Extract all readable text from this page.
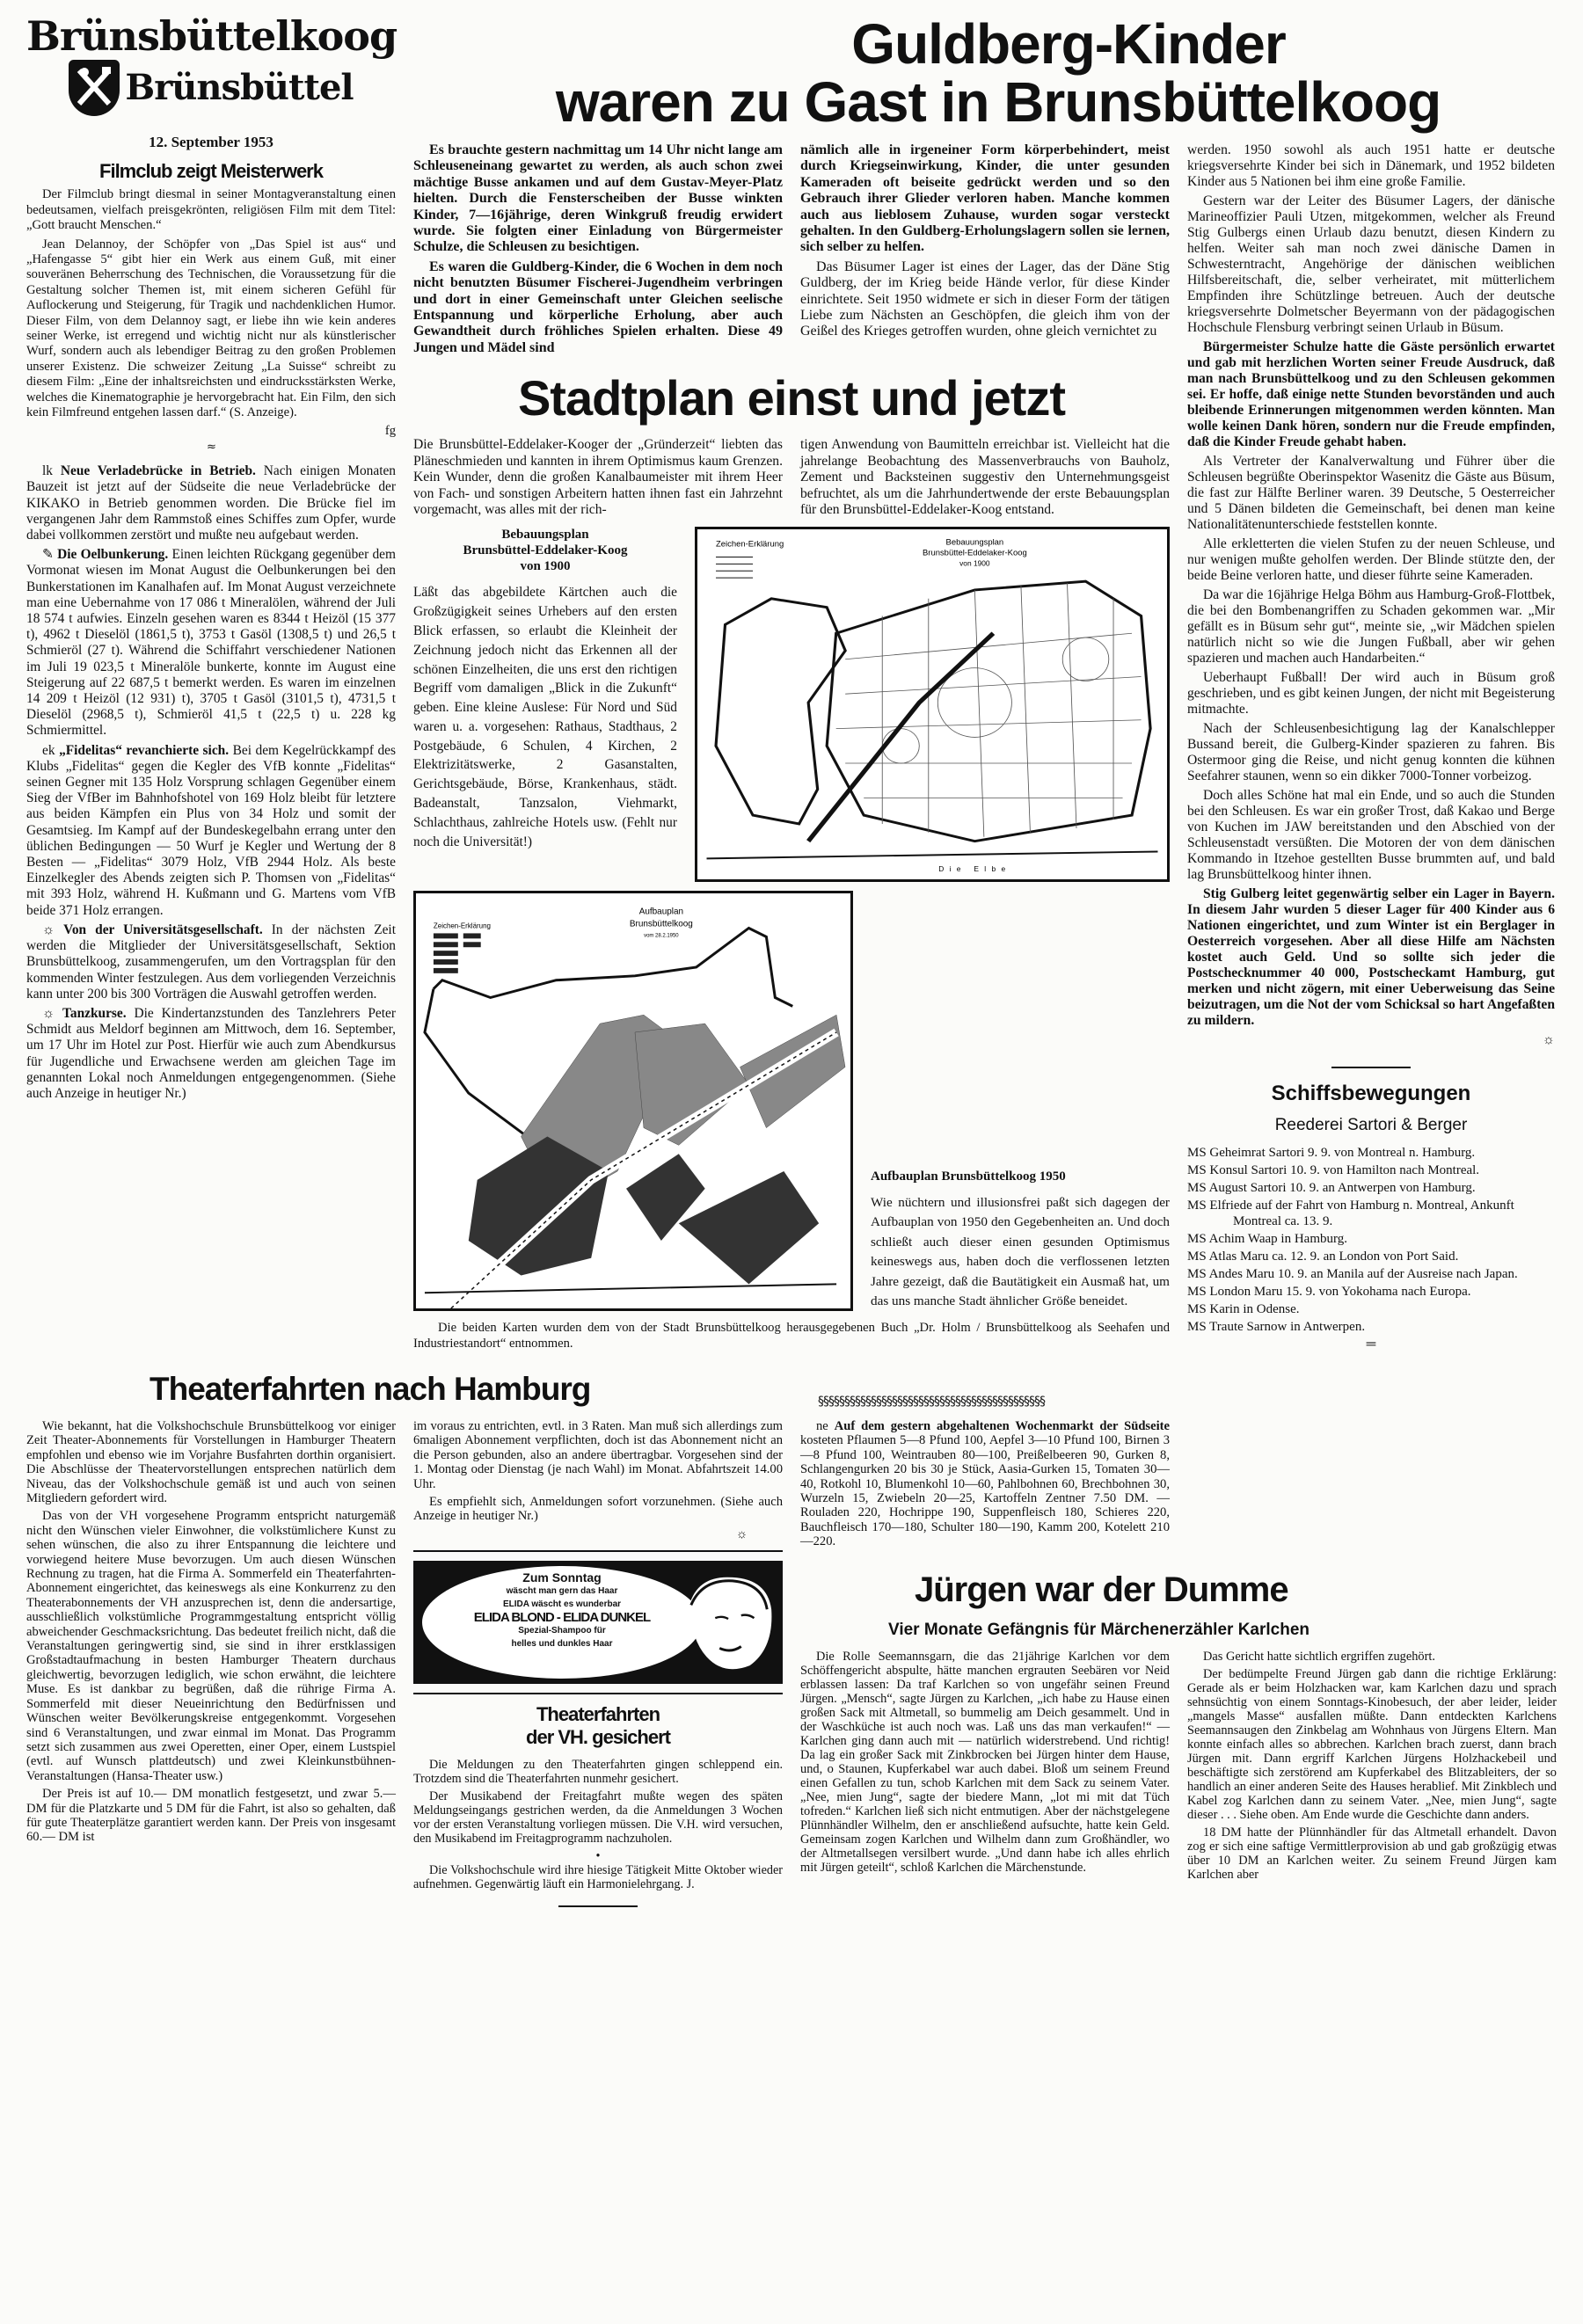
Brünsbüttelkoog
Brünsbüttel
12. September 1953
Filmclub zeigt Meisterwerk

Der Filmclub bringt diesmal in seiner Montagveranstaltung einen bedeutsamen, vielfach preisgekrönten, religiösen Film mit dem Titel: „Gott braucht Menschen.“

Jean Delannoy, der Schöpfer von „Das Spiel ist aus“ und „Hafengasse 5“ gibt hier ein Werk aus einem Guß, mit einer souveränen Beherrschung des Technischen, die Voraussetzung für die Gestaltung solcher Themen ist, mit einem sicheren Gefühl für Auflockerung und Steigerung, für Tragik und nachdenklichen Humor. Dieser Film, von dem Delannoy sagt, er liebe ihn wie kein anderes seiner Werke, ist erregend und wichtig nicht nur als künstlerischer Wurf, sondern auch als lebendiger Beitrag zu den großen Problemen unserer Existenz. Die schweizer Zeitung „La Suisse“ schreibt zu diesem Film: „Eine der inhaltsreichsten und eindrucksstärksten Werke, welches die Kinematographie je hervorgebracht hat. Ein Film, den sich kein Filmfreund entgehen lassen darf.“ (S. Anzeige).

fg
≈

lk Neue Verladebrücke in Betrieb. Nach einigen Monaten Bauzeit ist jetzt auf der Südseite die neue Verladebrücke der KIKAKO in Betrieb genommen worden. Die Brücke fiel im vergangenen Jahr dem Rammstoß eines Schiffes zum Opfer, wurde dabei vollkommen zerstört und mußte neu aufgebaut werden.

✎ Die Oelbunkerung. Einen leichten Rückgang gegenüber dem Vormonat wiesen im Monat August die Oelbunkerungen bei den Bunkerstationen im Kanalhafen auf. Im Monat August verzeichnete man eine Uebernahme von 17 086 t Mineralölen, während der Juli 18 574 t aufwies. Einzeln gesehen waren es 8344 t Heizöl (15 377 t), 4962 t Dieselöl (1861,5 t), 3753 t Gasöl (1308,5 t) und 26,5 t Schmieröl (27 t). Während die Schiffahrt verschiedener Nationen im Juli 19 023,5 t Mineralöle bunkerte, konnte im August eine Steigerung auf 22 687,5 t bemerkt werden. Es waren im einzelnen 14 209 t Heizöl (12 931) t), 3705 t Gasöl (3101,5 t), 4731,5 t Dieselöl (2968,5 t), Schmieröl 41,5 t (22,5 t) u. 228 kg Schmiermittel.

ek „Fidelitas“ revanchierte sich. Bei dem Kegelrückkampf des Klubs „Fidelitas“ gegen die Kegler des VfB konnte „Fidelitas“ seinen Gegner mit 135 Holz Vorsprung schlagen Gegenüber einem Sieg der VfBer im Bahnhofshotel von 169 Holz bleibt für letztere aus beiden Kämpfen ein Plus von 34 Holz und somit der Gesamtsieg. Im Kampf auf der Bundeskegelbahn errang unter den üblichen Bedingungen — 50 Wurf je Kegler und Wertung der 8 Besten — „Fidelitas“ 3079 Holz, VfB 2944 Holz. Als beste Einzelkegler des Abends zeigten sich P. Thomsen von „Fidelitas“ mit 393 Holz, während H. Kußmann und G. Martens vom VfB beide 371 Holz errangen.

☼ Von der Universitätsgesellschaft. In der nächsten Zeit werden die Mitglieder der Universitätsgesellschaft, Sektion Brunsbüttelkoog, zusammengerufen, um den Vortragsplan für den kommenden Winter festzulegen. Aus dem vorliegenden Verzeichnis kann unter 200 bis 300 Vorträgen die Auswahl getroffen werden.

☼ Tanzkurse. Die Kindertanzstunden des Tanzlehrers Peter Schmidt aus Meldorf beginnen am Mittwoch, dem 16. September, um 17 Uhr im Hotel zur Post. Hierfür wie auch zum Abendkursus für Jugendliche und Erwachsene werden am gleichen Tage im genannten Lokal noch Anmeldungen entgegengenommen. (Siehe auch Anzeige in heutiger Nr.)

Guldberg-Kinder
waren zu Gast in Brunsbüttelkoog

Es brauchte gestern nachmittag um 14 Uhr nicht lange am Schleuseneinang gewartet zu werden, als auch schon zwei mächtige Busse ankamen und auf dem Gustav-Meyer-Platz hielten. Durch die Fensterscheiben der Busse winkten Kinder, 7—16jährige, deren Winkgruß freudig erwidert wurde. Sie folgten einer Einladung von Bürgermeister Schulze, die Schleusen zu besichtigen.

Es waren die Guldberg-Kinder, die 6 Wochen in dem noch nicht benutzten Büsumer Fischerei-Jugendheim verbringen und dort in einer Gemeinschaft unter Gleichen seelische Entspannung und körperliche Erholung, aber auch Gewandtheit durch fröhliches Spielen erhalten. Diese 49 Jungen und Mädel sind

nämlich alle in irgeneiner Form körperbehindert, meist durch Kriegseinwirkung, Kinder, die unter gesunden Kameraden oft beiseite gedrückt werden und so den Gebrauch ihrer Glieder verloren haben. Manche kommen auch aus lieblosem Zuhause, wurden sogar versteckt gehalten. In den Guldberg-Erholungslagern sollen sie lernen, sich selber zu helfen.

Das Büsumer Lager ist eines der Lager, das der Däne Stig Guldberg, der im Krieg beide Hände verlor, für diese Kinder einrichtete. Seit 1950 widmete er sich in dieser Form der tätigen Liebe zum Nächsten an Geschöpfen, die gleich ihm von der Geißel des Krieges getroffen wurden, ohne gleich vernichtet zu

Stadtplan einst und jetzt
Die Brunsbüttel-Eddelaker-Kooger der „Gründerzeit“ liebten das Pläneschmieden und kannten in ihrem Optimismus kaum Grenzen. Kein Wunder, denn die großen Kanalbaumeister mit ihrem Heer von Fach- und sonstigen Arbeitern hatten ihnen fast ein Jahrzehnt vorgemacht, was alles mit der rich-
tigen Anwendung von Baumitteln erreichbar ist. Vielleicht hat die jahrelange Beobachtung des Massenverbrauchs von Bauholz, Zement und Backsteinen suggestiv den Unternehmungsgeist befruchtet, als um die Jahrhundertwende der erste Bebauungsplan für den Brunsbüttel-Eddelaker-Koog entstand.
Bebauungsplan
Brunsbüttel-Eddelaker-Koog
von 1900
Läßt das abgebildete Kärtchen auch die Großzügigkeit seines Urhebers auf den ersten Blick erfassen, so erlaubt die Kleinheit der Zeichnung jedoch nicht das Erkennen all der schönen Einzelheiten, die uns erst den richtigen Begriff vom damaligen „Blick in die Zukunft“ geben. Eine kleine Auslese: Für Nord und Süd waren u. a. vorgesehen: Rathaus, Stadthaus, 2 Postgebäude, 6 Schulen, 4 Kirchen, 2 Elektrizitätswerke, 2 Gasanstalten, Gerichtsgebäude, Börse, Krankenhaus, städt. Badeanstalt, Tanzsalon, Viehmarkt, Schlachthaus, zahlreiche Hotels usw. (Fehlt nur noch die Universität!)
Zeichen-Erklärung	Bebauungsplan
Brunsbüttel-Eddelaker-Koog
von 1900
Die Elbe
Zeichen-Erklärung
Aufbauplan
Brunsbüttelkoog
vom 28.2.1950
Aufbauplan Brunsbüttelkoog 1950
Wie nüchtern und illusionsfrei paßt sich dagegen der Aufbauplan von 1950 den Gegebenheiten an. Und doch schließt auch dieser einen gesunden Optimismus keineswegs aus, haben doch die verflossenen letzten Jahre gezeigt, daß die Bautätigkeit ein Ausmaß hat, um das uns manche Stadt ähnlicher Größe beneidet.
Die beiden Karten wurden dem von der Stadt Brunsbüttelkoog herausgegebenen Buch „Dr. Holm / Brunsbüttelkoog als Seehafen und Industriestandort“ entnommen.

werden. 1950 sowohl als auch 1951 hatte er deutsche kriegsversehrte Kinder bei sich in Dänemark, und 1952 bildeten Kinder aus 5 Nationen bei ihm eine große Familie.

Gestern war der Leiter des Büsumer Lagers, der dänische Marineoffizier Pauli Utzen, mitgekommen, welcher als Freund Stig Gulbergs einen Urlaub dazu benutzt, diesen Kindern zu helfen. Weiter sah man noch zwei dänische Damen in Schwesterntracht, Angehörige der dänischen weiblichen Hilfsbereitschaft, die, selber verheiratet, mit mütterlichem Empfinden ihre Schützlinge betreuen. Auch der deutsche kriegsversehrte Dolmetscher Beyermann von der pädagogischen Hochschule Flensburg verbringt seinen Urlaub in Büsum.

Bürgermeister Schulze hatte die Gäste persönlich erwartet und gab mit herzlichen Worten seiner Freude Ausdruck, daß man nach Brunsbüttelkoog und zu den Schleusen gekommen sei. Er hoffe, daß einige nette Stunden bevorständen und auch bleibende Erinnerungen mitgenommen werden könnten. Man wolle keinen Dank hören, sondern nur die Freude empfinden, daß die Kinder Freude gehabt haben.

Als Vertreter der Kanalverwaltung und Führer über die Schleusen begrüßte Oberinspektor Wasenitz die Gäste aus Büsum, die fast zur Hälfte Berliner waren. 39 Deutsche, 5 Oesterreicher und 5 Dänen bildeten die Gemeinschaft, bei denen man keine Nationalitätenunterschiede feststellen konnte.

Alle erkletterten die vielen Stufen zu der neuen Schleuse, und nur wenigen mußte geholfen werden. Der Blinde stützte den, der beide Beine verloren hatte, und dieser führte seine Kameraden.

Da war die 16jährige Helga Böhm aus Hamburg-Groß-Flottbek, die bei den Bombenangriffen zu Schaden gekommen war. „Mir gefällt es in Büsum sehr gut“, meinte sie, „wir Mädchen spielen natürlich nicht so wie die Jungen Fußball, aber wir gehen spazieren und machen auch Handarbeiten.“

Ueberhaupt Fußball! Der wird auch in Büsum groß geschrieben, und es gibt keinen Jungen, der nicht mit Begeisterung mitmachte.

Nach der Schleusenbesichtigung lag der Kanalschlepper Bussand bereit, die Gulberg-Kinder spazieren zu fahren. Bis Ostermoor ging die Reise, und nicht genug konnten die kühnen Seefahrer staunen, wenn so ein dikker 7000-Tonner vorbeizog.

Doch alles Schöne hat mal ein Ende, und so auch die Stunden bei den Schleusen. Es war ein großer Trost, daß Kakao und Berge von Kuchen im JAW bereitstanden und den Abschied von der Schleusenstadt versüßten. Die Motoren der von dem dänischen Kommando in Itzehoe gestellten Busse brummten auf, und bald lag Brunsbüttelkoog hinter ihnen.

Stig Gulberg leitet gegenwärtig selber ein Lager in Bayern. In diesem Jahr wurden 5 dieser Lager für 400 Kinder aus 6 Nationen eingerichtet, und zum Winter ist ein Berglager in Oesterreich vorgesehen. Aber all diese Hilfe am Nächsten kostet auch Geld. Und so sollte sich jeder die Postschecknummer 40 000, Postscheckamt Hamburg, gut merken und nicht zögern, mit einer Ueberweisung das Seine beizutragen, um die Not der vom Schicksal so hart Angefaßten zu mildern.

☼
Schiffsbewegungen
Reederei Sartori & Berger

MS Geheimrat Sartori 9. 9. von Montreal n. Hamburg.

MS Konsul Sartori 10. 9. von Hamilton nach Montreal.

MS August Sartori 10. 9. an Antwerpen von Hamburg.

MS Elfriede auf der Fahrt von Hamburg n. Montreal, Ankunft Montreal ca. 13. 9.

MS Achim Waap in Hamburg.

MS Atlas Maru ca. 12. 9. an London von Port Said.

MS Andes Maru 10. 9. an Manila auf der Ausreise nach Japan.

MS London Maru 15. 9. von Yokohama nach Europa.

MS Karin in Odense.

MS Traute Sarnow in Antwerpen.

═
Theaterfahrten nach Hamburg	§§§§§§§§§§§§§§§§§§§§§§§§§§§§§§§§§§§§§§§§§§§

Wie bekannt, hat die Volkshochschule Brunsbüttelkoog vor einiger Zeit Theater-Abonnements für Vorstellungen in Hamburger Theatern empfohlen und ebenso wie im Vorjahre Busfahrten dorthin organisiert. Die Abschlüsse der Theatervorstellungen entsprechen natürlich dem Niveau, das der Volkshochschule gemäß ist und auch von seinen Mitgliedern gefordert wird.

Das von der VH vorgesehene Programm entspricht naturgemäß nicht den Wünschen vieler Einwohner, die volkstümlichere Kunst zu sehen wünschen, die also zu ihrer Entspannung die leichtere und vorwiegend heitere Muse bevorzugen. Um auch diesen Wünschen Rechnung zu tragen, hat die Firma A. Sommerfeld ein Theaterfahrten-Abonnement eingerichtet, das keineswegs als eine Konkurrenz zu den Theaterabonnements der VH anzusprechen ist, denn die andersartige, ausschließlich volkstümliche Programmgestaltung entspricht völlig abweichender Geschmacksrichtung. Das bedeutet freilich nicht, daß die Veranstaltungen geringwertig sind, sie sind in ihrer erstklassigen Großstadtaufmachung in besten Hamburger Theatern durchaus gleichwertig, bevorzugen lediglich, wie schon erwähnt, die leichtere Muse. Es ist dankbar zu begrüßen, daß die rührige Firma A. Sommerfeld mit dieser Neueinrichtung den Bedürfnissen und Wünschen weiter Bevölkerungskreise entgegenkommt. Vorgesehen sind 6 Veranstaltungen, und zwar einmal im Monat. Das Programm setzt sich zusammen aus zwei Operetten, einer Oper, einem Lustspiel (evtl. auf Wunsch plattdeutsch) und zwei Kleinkunstbühnen-Veranstaltungen (Hansa-Theater usw.)

Der Preis ist auf 10.— DM monatlich festgesetzt, und zwar 5.— DM für die Platzkarte und 5 DM für die Fahrt, ist also so gehalten, daß für gute Theaterplätze garantiert werden kann. Der Preis von insgesamt 60.— DM ist

im voraus zu entrichten, evtl. in 3 Raten. Man muß sich allerdings zum 6maligen Abonnement verpflichten, doch ist das Abonnement nicht an die Person gebunden, also an andere übertragbar. Vorgesehen sind der 1. Montag oder Dienstag (je nach Wahl) im Monat. Abfahrtszeit 14.00 Uhr.

Es empfiehlt sich, Anmeldungen sofort vorzunehmen. (Siehe auch Anzeige in heutiger Nr.)

☼
Zum Sonntag
wäscht man gern das Haar
ELIDA wäscht es wunderbar
ELIDA BLOND - ELIDA DUNKEL
Spezial-Shampoo für
helles und dunkles Haar
Theaterfahrten
der VH. gesichert

Die Meldungen zu den Theaterfahrten gingen schleppend ein. Trotzdem sind die Theaterfahrten nunmehr gesichert.

Der Musikabend der Freitagfahrt mußte wegen des späten Meldungseingangs gestrichen werden, da die Anmeldungen 3 Wochen vor der ersten Veranstaltung vorliegen müssen. Die V.H. wird versuchen, den Musikabend im Freitagprogramm nachzuholen.

•

Die Volkshochschule wird ihre hiesige Tätigkeit Mitte Oktober wieder aufnehmen. Gegenwärtig läuft ein Harmonielehrgang. J.

ne Auf dem gestern abgehaltenen Wochenmarkt der Südseite kosteten Pflaumen 5—8 Pfund 100, Aepfel 3—10 Pfund 100, Birnen 3—8 Pfund 100, Weintrauben 80—100, Preißelbeeren 90, Gurken 8, Schlangengurken 20 bis 30 je Stück, Aasia-Gurken 15, Tomaten 30—40, Rotkohl 10, Blumenkohl 10—60, Pahlbohnen 60, Brechbohnen 30, Wurzeln 15, Zwiebeln 20—25, Kartoffeln Zentner 7.50 DM. — Rouladen 220, Hochrippe 190, Suppenfleisch 180, Schieres 220, Bauchfleisch 170—180, Schulter 180—190, Kamm 200, Kotelett 210—220.

Jürgen war der Dumme
Vier Monate Gefängnis für Märchenerzähler Karlchen

Die Rolle Seemannsgarn, die das 21jährige Karlchen vor dem Schöffengericht abspulte, hätte manchen ergrauten Seebären vor Neid erblassen lassen: Da traf Karlchen so von ungefähr seinen Freund Jürgen. „Mensch“, sagte Jürgen zu Karlchen, „ich habe zu Hause einen großen Sack mit Altmetall, so bummelig am Deich gesammelt. Und in der Waschküche ist auch noch was. Laß uns das man verkaufen!“ — Karlchen ging dann auch mit — natürlich widerstrebend. Und richtig! Da lag ein großer Sack mit Zinkbrocken bei Jürgen hinter dem Hause, und, o Staunen, Kupferkabel war auch dabei. Bloß um seinem Freund einen Gefallen zu tun, schob Karlchen mit dem Sack zu seinem Vater. „Nee, mien Jung“, sagte der biedere Mann, „lot mi mit dat Tüch tofreden.“ Karlchen ließ sich nicht entmutigen. Aber der nächstgelegene Plünnhändler Wilhelm, den er anschließend aufsuchte, hatte kein Geld. Gemeinsam zogen Karlchen und Wilhelm dann zum Großhändler, wo der Altmetallsegen versilbert wurde. „Und dann habe ich alles ehrlich mit Jürgen geteilt“, schloß Karlchen die Märchenstunde.

Das Gericht hatte sichtlich ergriffen zugehört.

Der bedümpelte Freund Jürgen gab dann die richtige Erklärung: Gerade als er beim Holzhacken war, kam Karlchen dazu und sprach sehnsüchtig von einem Sonntags-Kinobesuch, der aber leider, leider „mangels Masse“ ausfallen müßte. Dann entdeckten Karlchens Seemannsaugen den Zinkbelag am Wohnhaus von Jürgens Eltern. Man konnte einfach alles so abbrechen. Karlchen brach zuerst, dann brach Jürgen mit. Dann ergriff Karlchen Jürgens Holzhackebeil und beschäftigte sich zerstörend am Kupferkabel des Blitzableiters, der so handlich an einer anderen Seite des Hauses herablief. Mit Zinkblech und Kabel zog Karlchen dann zu seinem Vater. „Nee, mien Jung“, sagte dieser . . . Siehe oben. Am Ende wurde die Geschichte dann anders.

18 DM hatte der Plünnhändler für das Altmetall erhandelt. Davon zog er sich eine saftige Vermittlerprovision ab und gab großzügig etwas über 10 DM an Karlchen weiter. Zu seinem Freund Jürgen kam Karlchen aber
